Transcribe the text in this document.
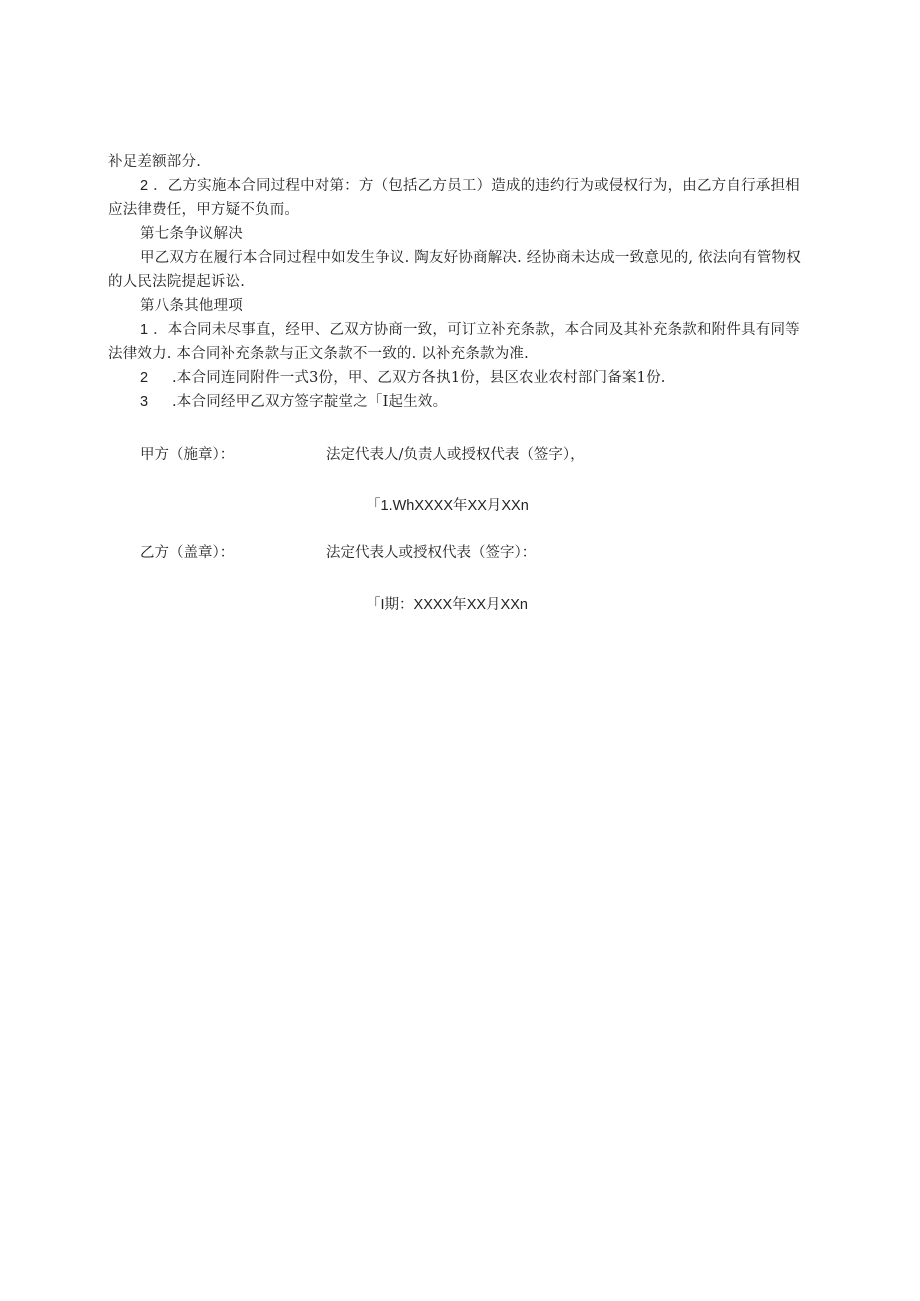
补足差额部分.
2 ．乙方实施本合同过程中对第：方（包括乙方员工）造成的违约行为或侵权行为，由乙方自行承担相
应法律费任，甲方疑不负而。
第七条争议解决
甲乙双方在履行本合同过程中如发生争议. 陶友好协商解决. 经协商未达成一致意见的, 依法向有管物权
的人民法院提起诉讼.
第八条其他理项
1 ．本合同未尽事直，经甲、乙双方协商一致，可订立补充条款，本合同及其补充条款和附件具有同等
法律效力. 本合同补充条款与正文条款不一致的. 以补充条款为准.
2 .本合同连同附件一式3份，甲、乙双方各执1份，县区农业农村部门备案1份.
3 .本合同经甲乙双方签字靛堂之「I起生效。
甲方（施章）：	法定代表人/负责人或授权代表（签字），
「1.WhXXXX年XX月XXn
乙方（盖章）：	法定代表人或授权代表（签字）：
「I期：XXXX年XX月XXn
